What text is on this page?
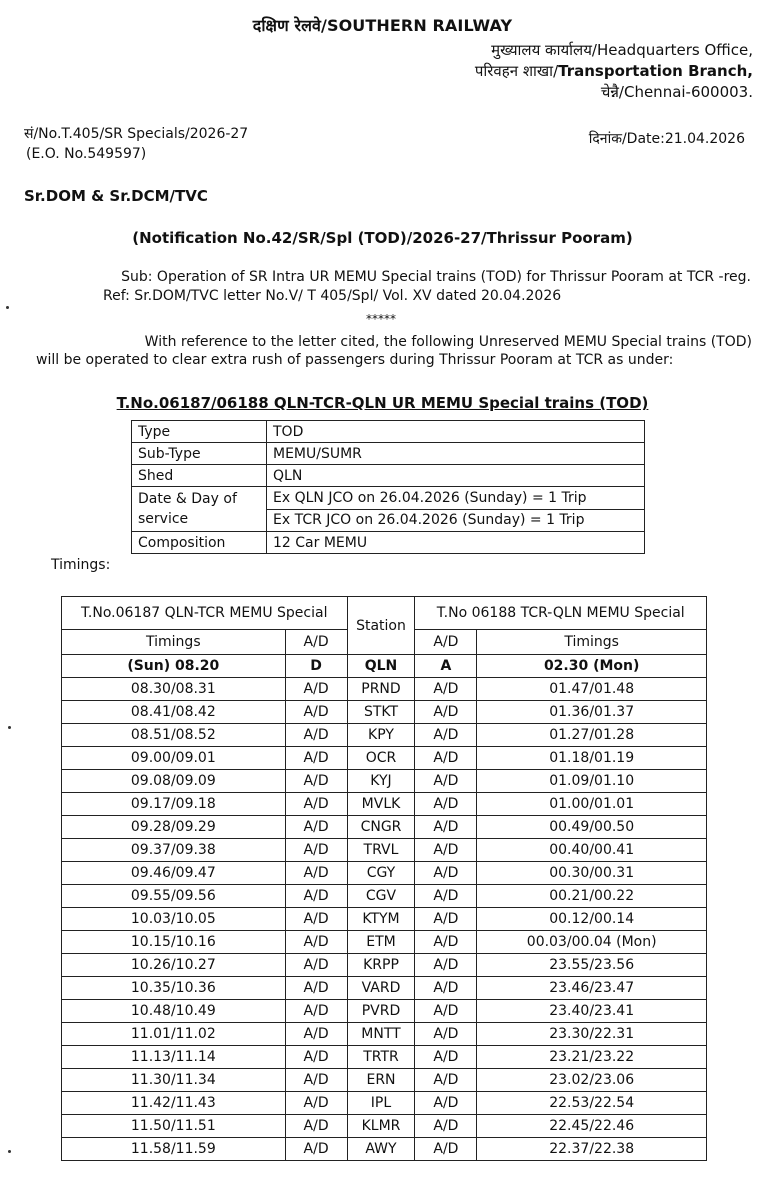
दक्षिण रेलवे/SOUTHERN RAILWAY
मुख्यालय कार्यालय/Headquarters Office,
परिवहन शाखा/Transportation Branch,
चेन्नै/Chennai-600003.
सं/No.T.405/SR Specials/2026-27
(E.O. No.549597)
दिनांक/Date:21.04.2026
Sr.DOM & Sr.DCM/TVC
(Notification No.42/SR/Spl (TOD)/2026-27/Thrissur Pooram)
Sub: Operation of SR Intra UR MEMU Special trains (TOD) for Thrissur Pooram at TCR -reg.
Ref: Sr.DOM/TVC letter No.V/ T 405/Spl/ Vol. XV dated 20.04.2026
*****
With reference to the letter cited, the following Unreserved MEMU Special trains (TOD)
will be operated to clear extra rush of passengers during Thrissur Pooram at TCR as under:
T.No.06187/06188 QLN-TCR-QLN UR MEMU Special trains (TOD)
Type	TOD
Sub-Type	MEMU/SUMR
Shed	QLN

Date & Day of
service	Ex QLN JCO on 26.04.2026 (Sunday) = 1 Trip
	Ex TCR JCO on 26.04.2026 (Sunday) = 1 Trip
Composition	12 Car MEMU
Timings:
T.No.06187 QLN-TCR MEMU Special		Station	T.No 06188 TCR-QLN MEMU Special	
Timings	A/D		A/D	Timings
(Sun) 08.20	D	QLN	A	02.30 (Mon)
08.30/08.31	A/D	PRND	A/D	01.47/01.48
08.41/08.42	A/D	STKT	A/D	01.36/01.37
08.51/08.52	A/D	KPY	A/D	01.27/01.28
09.00/09.01	A/D	OCR	A/D	01.18/01.19
09.08/09.09	A/D	KYJ	A/D	01.09/01.10
09.17/09.18	A/D	MVLK	A/D	01.00/01.01
09.28/09.29	A/D	CNGR	A/D	00.49/00.50
09.37/09.38	A/D	TRVL	A/D	00.40/00.41
09.46/09.47	A/D	CGY	A/D	00.30/00.31
09.55/09.56	A/D	CGV	A/D	00.21/00.22
10.03/10.05	A/D	KTYM	A/D	00.12/00.14
10.15/10.16	A/D	ETM	A/D	00.03/00.04 (Mon)
10.26/10.27	A/D	KRPP	A/D	23.55/23.56
10.35/10.36	A/D	VARD	A/D	23.46/23.47
10.48/10.49	A/D	PVRD	A/D	23.40/23.41
11.01/11.02	A/D	MNTT	A/D	23.30/22.31
11.13/11.14	A/D	TRTR	A/D	23.21/23.22
11.30/11.34	A/D	ERN	A/D	23.02/23.06
11.42/11.43	A/D	IPL	A/D	22.53/22.54
11.50/11.51	A/D	KLMR	A/D	22.45/22.46
11.58/11.59	A/D	AWY	A/D	22.37/22.38
